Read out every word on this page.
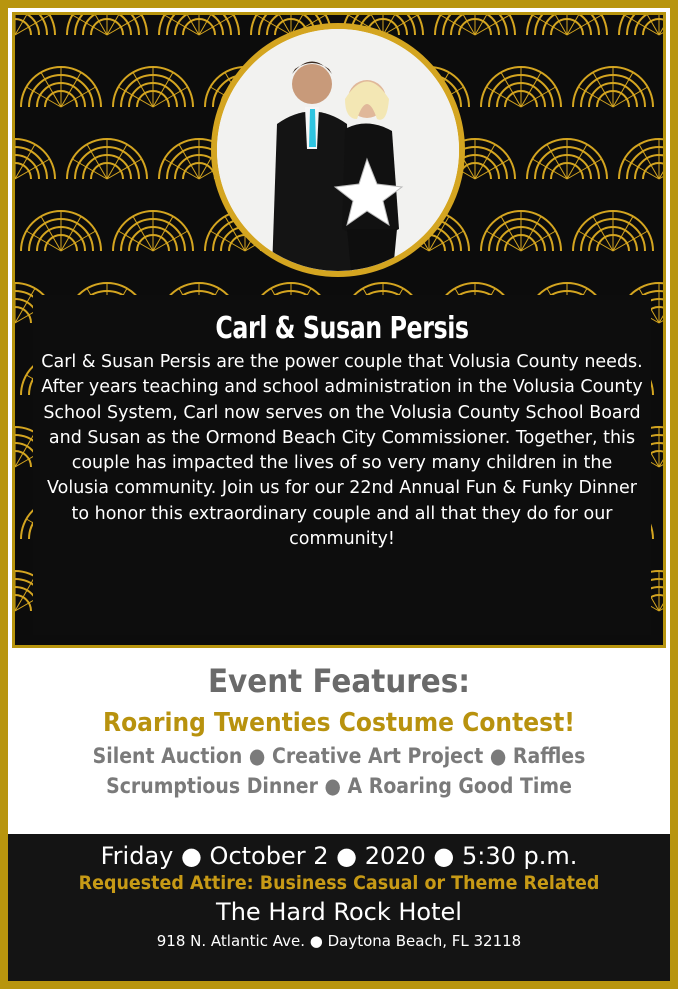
Carl & Susan Persis
Carl & Susan Persis are the power couple that Volusia County needs. After years teaching and school administration in the Volusia County School System, Carl now serves on the Volusia County School Board and Susan as the Ormond Beach City Commissioner. Together, this couple has impacted the lives of so very many children in the Volusia community. Join us for our 22nd Annual Fun & Funky Dinner to honor this extraordinary couple and all that they do for our community!
Event Features:
Roaring Twenties Costume Contest!
Silent Auction ● Creative Art Project ● Raffles
Scrumptious Dinner ● A Roaring Good Time
Friday ● October 2 ● 2020 ● 5:30 p.m.
Requested Attire: Business Casual or Theme Related
The Hard Rock Hotel
918 N. Atlantic Ave. ● Daytona Beach, FL 32118
